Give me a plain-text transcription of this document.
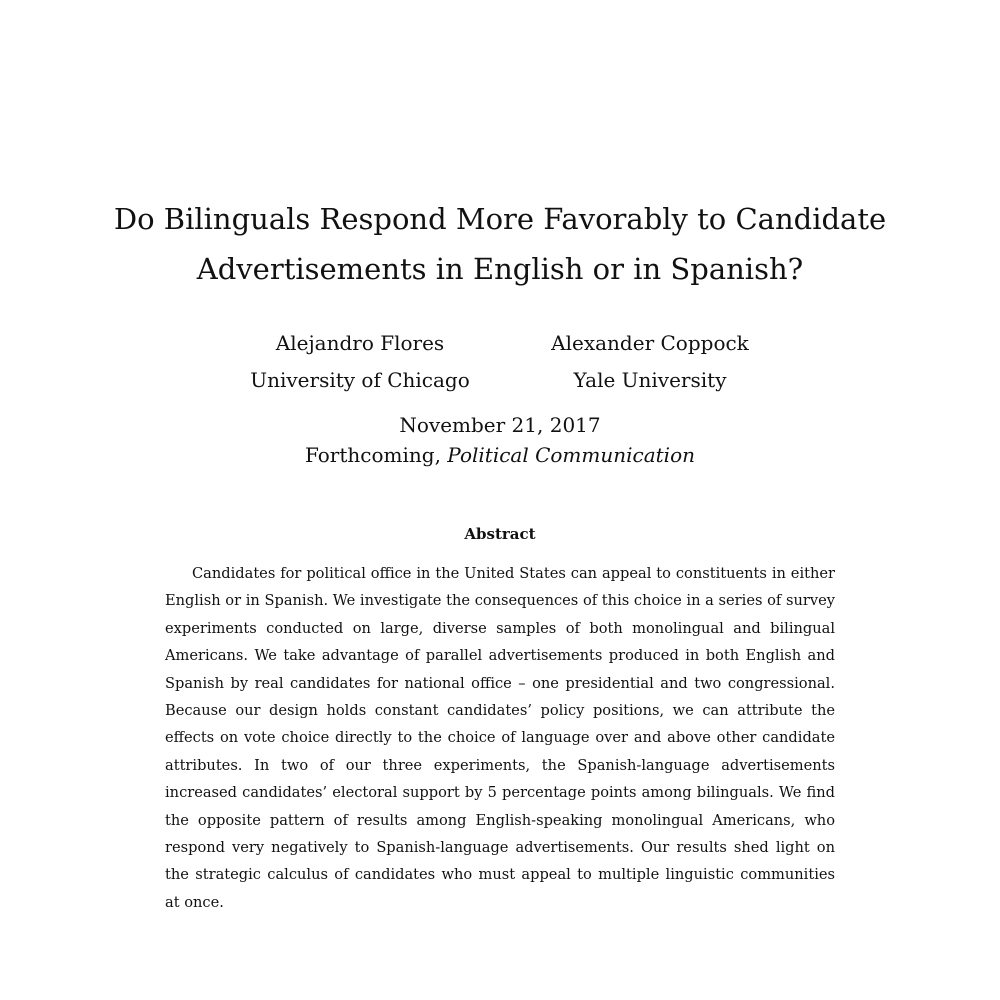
Do Bilinguals Respond More Favorably to Candidate
Advertisements in English or in Spanish?
Alejandro Flores
University of Chicago
Alexander Coppock
Yale University
November 21, 2017
Forthcoming, Political Communication
Abstract

Candidates for political office in the United States can appeal to constituents in either English or in Spanish. We investigate the consequences of this choice in a series of survey experiments conducted on large, diverse samples of both monolingual and bilingual Americans. We take advantage of parallel advertisements produced in both English and Spanish by real candidates for national office – one presidential and two congressional. Because our design holds constant candidates’ policy positions, we can attribute the effects on vote choice directly to the choice of language over and above other candidate attributes. In two of our three experiments, the Spanish-language advertisements increased candidates’ electoral support by 5 percentage points among bilinguals. We find the opposite pattern of results among English-speaking monolingual Americans, who respond very negatively to Spanish-language advertisements. Our results shed light on the strategic calculus of candidates who must appeal to multiple linguistic communities at once.
